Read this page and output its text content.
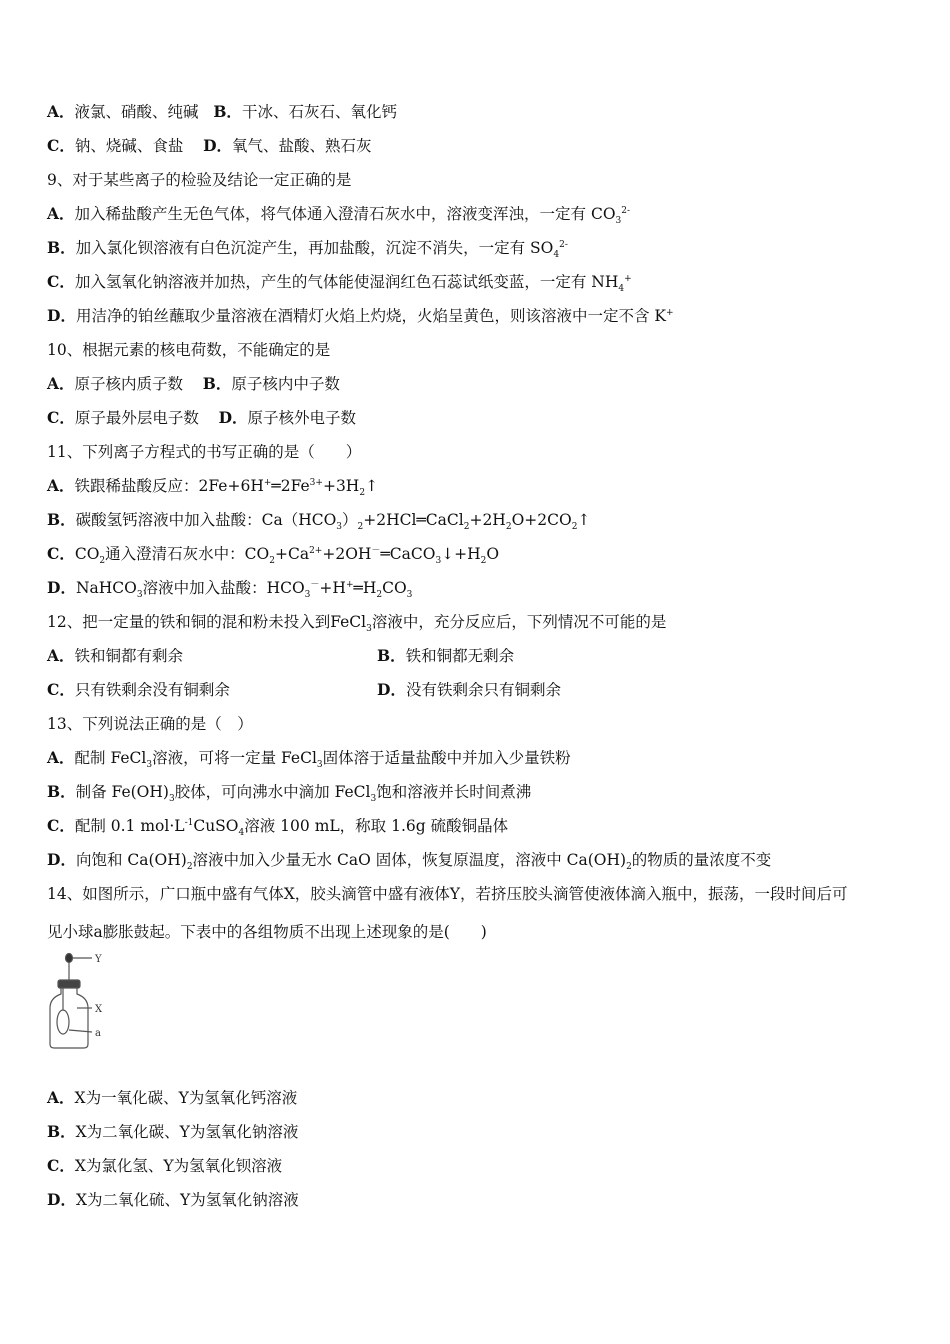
A．液氯、硝酸、纯碱 B．干冰、石灰石、氧化钙
C．钠、烧碱、食盐 D．氧气、盐酸、熟石灰
9、对于某些离子的检验及结论一定正确的是
A．加入稀盐酸产生无色气体，将气体通入澄清石灰水中，溶液变浑浊，一定有 $CO_3^{2-}$
B．加入氯化钡溶液有白色沉淀产生，再加盐酸，沉淀不消失，一定有 $SO_4^{2-}$
C．加入氢氧化钠溶液并加热，产生的气体能使湿润红色石蕊试纸变蓝，一定有 $NH_4^+$
D．用洁净的铂丝蘸取少量溶液在酒精灯火焰上灼烧，火焰呈黄色，则该溶液中一定不含 K+
10、根据元素的核电荷数，不能确定的是
A．原子核内质子数 B．原子核内中子数
C．原子最外层电子数 D．原子核外电子数
11、下列离子方程式的书写正确的是（　　）
A．铁跟稀盐酸反应：$2Fe+6H^+═2Fe^{3+}+3H_2↑$
B．碳酸氢钙溶液中加入盐酸：$Ca(HCO_3)_2+2HCl═CaCl_2+2H_2O+2CO_2↑$
C．$CO_2$通入澄清石灰水中：$CO_2+Ca^{2+}+2OH^-═CaCO_3↓+H_2O$
D．NaHCO$_3$溶液中加入盐酸：$HCO_3^-+H^+═H_2CO_3$
12、把一定量的铁和铜的混和粉未投入到FeCl$_3$溶液中，充分反应后，下列情况不可能的是
A．铁和铜都有剩余	B．铁和铜都无剩余
C．只有铁剩余没有铜剩余	D．没有铁剩余只有铜剩余
13、下列说法正确的是（　）
A．配制 FeCl$_3$溶液，可将一定量 FeCl$_3$固体溶于适量盐酸中并加入少量铁粉
B．制备 $Fe(OH)_3$胶体，可向沸水中滴加 FeCl$_3$饱和溶液并长时间煮沸
C．配制 0.1 $mol\cdot L^{-1}CuSO_4$溶液 100 mL，称取 1.6g 硫酸铜晶体
D．向饱和 $Ca(OH)_2$溶液中加入少量无水 CaO 固体，恢复原温度，溶液中 $Ca(OH)_2$的物质的量浓度不变
14、如图所示，广口瓶中盛有气体X，胶头滴管中盛有液体Y，若挤压胶头滴管使液体滴入瓶中，振荡，一段时间后可
见小球a膨胀鼓起。下表中的各组物质不出现上述现象的是(　　)
Y
X
a
A．X为一氧化碳、Y为氢氧化钙溶液
B．X为二氧化碳、Y为氢氧化钠溶液
C．X为氯化氢、Y为氢氧化钡溶液
D．X为二氧化硫、Y为氢氧化钠溶液
